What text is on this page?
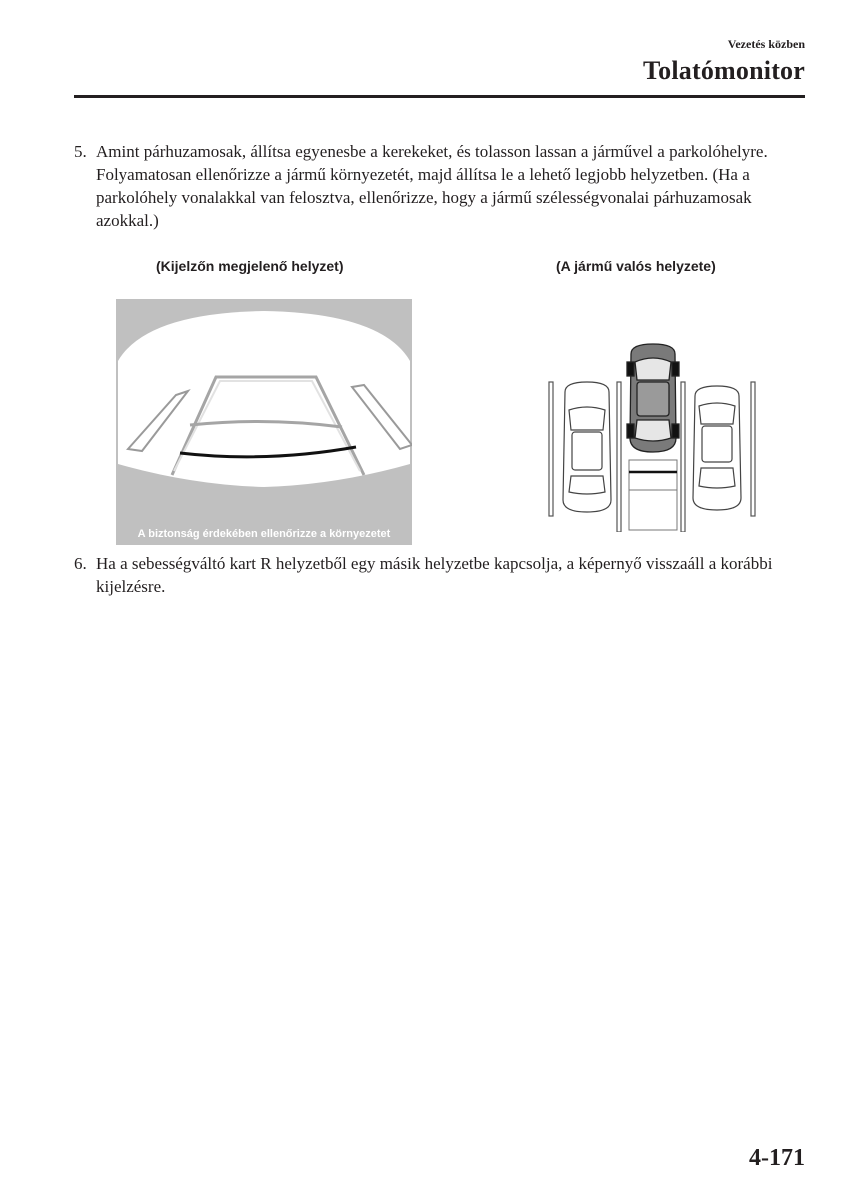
Vezetés közben
Tolatómonitor
5. Amint párhuzamosak, állítsa egyenesbe a kerekeket, és tolasson lassan a járművel a parkolóhelyre. Folyamatosan ellenőrizze a jármű környezetét, majd állítsa le a lehető legjobb helyzetben. (Ha a parkolóhely vonalakkal van felosztva, ellenőrizze, hogy a jármű szélességvonalai párhuzamosak azokkal.)
(Kijelzőn megjelenő helyzet)	(A jármű valós helyzete)
A biztonság érdekében ellenőrizze a környezetet
6. Ha a sebességváltó kart R helyzetből egy másik helyzetbe kapcsolja, a képernyő visszaáll a korábbi kijelzésre.
4-171
